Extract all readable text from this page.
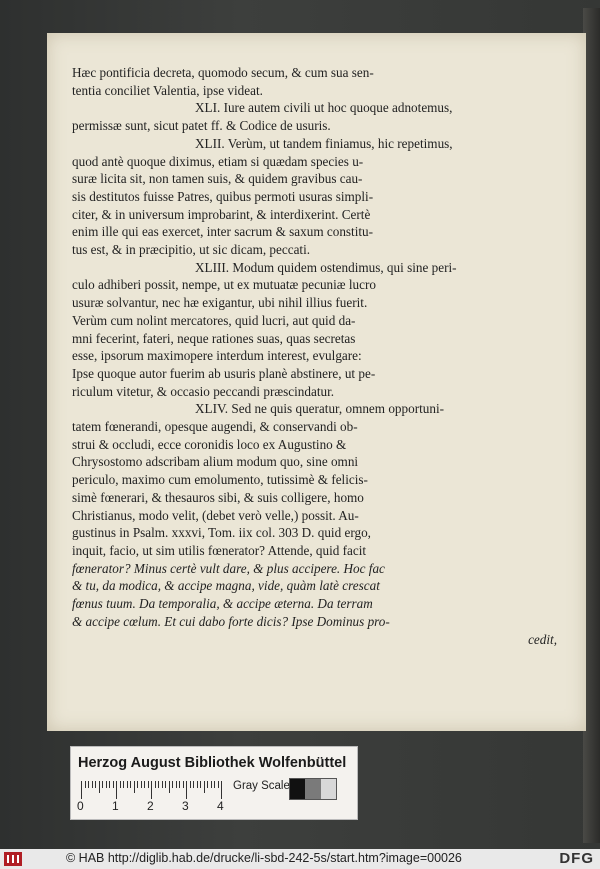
Hæc pontificia decreta, quomodo secum, & cum sua sen-
tentia conciliet Valentia, ipse videat.
XLI. Iure autem civili ut hoc quoque adnotemus,
permissæ sunt, sicut patet ff. & Codice de usuris.
XLII. Verùm, ut tandem finiamus, hic repetimus,
quod antè quoque diximus, etiam si quædam species u-
suræ licita sit, non tamen suis, & quidem gravibus cau-
sis destitutos fuisse Patres, quibus permoti usuras simpli-
citer, & in universum improbarint, & interdixerint. Certè
enim ille qui eas exercet, inter sacrum & saxum constitu-
tus est, & in præcipitio, ut sic dicam, peccati.
XLIII. Modum quidem ostendimus, qui sine peri-
culo adhiberi possit, nempe, ut ex mutuatæ pecuniæ lucro
usuræ solvantur, nec hæ exigantur, ubi nihil illius fuerit.
Verùm cum nolint mercatores, quid lucri, aut quid da-
mni fecerint, fateri, neque rationes suas, quas secretas
esse, ipsorum maximopere interdum interest, evulgare:
Ipse quoque autor fuerim ab usuris planè abstinere, ut pe-
riculum vitetur, & occasio peccandi præscindatur.
XLIV. Sed ne quis queratur, omnem opportuni-
tatem fœnerandi, opesque augendi, & conservandi ob-
strui & occludi, ecce coronidis loco ex Augustino &
Chrysostomo adscribam alium modum quo, sine omni
periculo, maximo cum emolumento, tutissimè & felicis-
simè fœnerari, & thesauros sibi, & suis colligere, homo
Christianus, modo velit, (debet verò velle,) possit. Au-
gustinus in Psalm. xxxvi, Tom. iix col. 303 D. quid ergo,
inquit, facio, ut sim utilis fœnerator? Attende, quid facit
fœnerator? Minus certè vult dare, & plus accipere. Hoc fac
& tu, da modica, & accipe magna, vide, quàm latè crescat
fœnus tuum. Da temporalia, & accipe æterna. Da terram
& accipe cœlum. Et cui dabo forte dicis? Ipse Dominus pro-
cedit,
Herzog August Bibliothek Wolfenbüttel
0 1 2 3 4
Gray Scale
© HAB http://diglib.hab.de/drucke/li-sbd-242-5s/start.htm?image=00026	DFG
